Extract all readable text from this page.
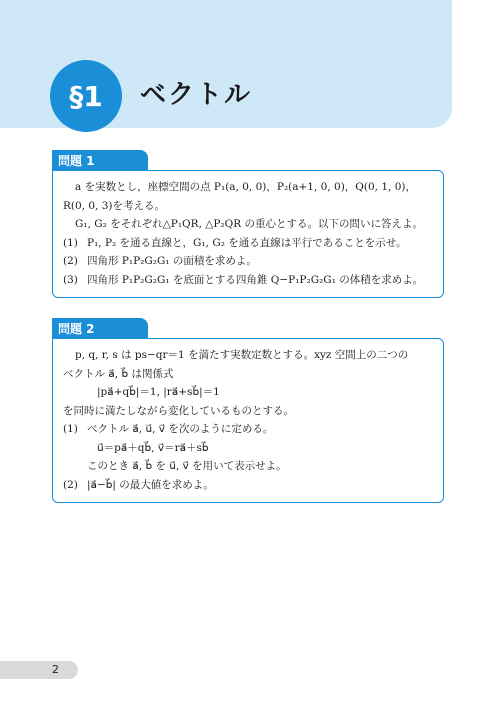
§1 ベクトル
問題 1

a を実数とし，座標空間の点 P₁(a, 0, 0)，P₂(a+1, 0, 0)，Q(0, 1, 0)，

R(0, 0, 3)を考える。

G₁, G₂ をそれぞれ△P₁QR, △P₂QR の重心とする。以下の問いに答えよ。

(1) P₁, P₂ を通る直線と，G₁, G₂ を通る直線は平行であることを示せ。
(2) 四角形 P₁P₂G₂G₁ の面積を求めよ。
(3) 四角形 P₁P₂G₂G₁ を底面とする四角錐 Q−P₁P₂G₂G₁ の体積を求めよ。
問題 2

p, q, r, s は ps−qr＝1 を満たす実数定数とする。xyz 空間上の二つの

ベクトル a⃗, b⃗ は関係式

|pa⃗+qb⃗|＝1, |ra⃗+sb⃗|＝1

を同時に満たしながら変化しているものとする。

(1) ベクトル a⃗, u⃗, v⃗ を次のように定める。

u⃗＝pa⃗＋qb⃗, v⃗＝ra⃗＋sb⃗

このとき a⃗, b⃗ を u⃗, v⃗ を用いて表示せよ。

(2) |a⃗−b⃗| の最大値を求めよ。
2
